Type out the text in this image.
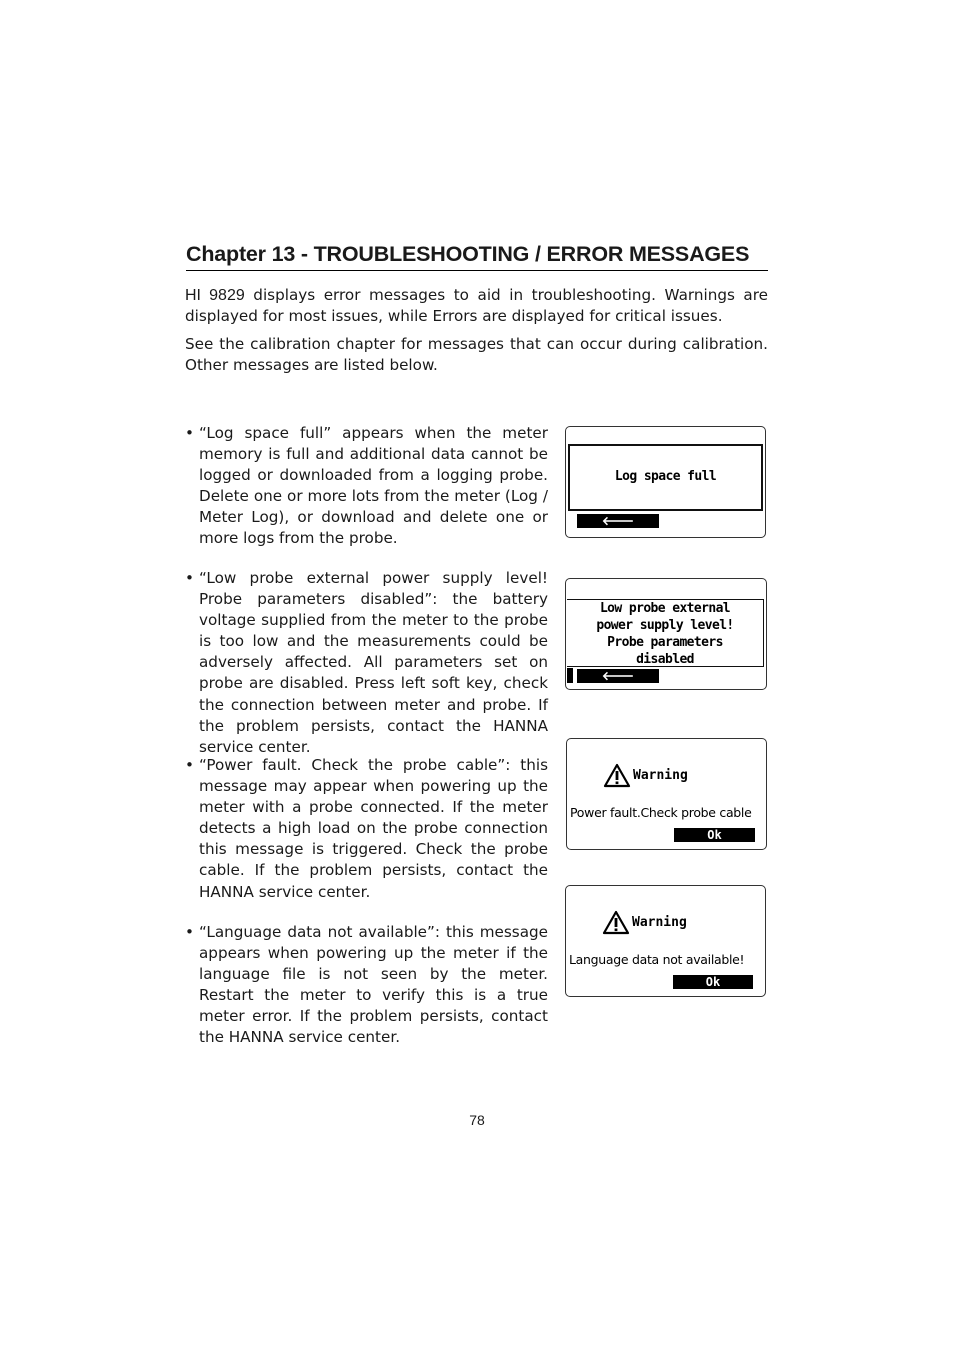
Chapter 13 - TROUBLESHOOTING / ERROR MESSAGES

HI 9829 displays error messages to aid in troubleshooting. Warnings are displayed for most issues, while Errors are displayed for critical issues.

See the calibration chapter for messages that can occur during calibration. Other messages are listed below.

• “Log space full” appears when the meter memory is full and additional data cannot be logged or downloaded from a logging probe. Delete one or more lots from the meter (Log / Meter Log), or download and delete one or more logs from the probe.
• “Low probe external power supply level! Probe parameters disabled”: the battery voltage supplied from the meter to the probe is too low and the measurements could be adversely affected. All parameters set on probe are disabled. Press left soft key, check the connection between meter and probe. If the problem persists, contact the HANNA service center.
• “Power fault. Check the probe cable”: this message may appear when powering up the meter with a probe connected. If the meter detects a high load on the probe connection this message is triggered. Check the probe cable. If the problem persists, contact the HANNA service center.
• “Language data not available”: this message appears when powering up the meter if the language file is not seen by the meter. Restart the meter to verify this is a true meter error. If the problem persists, contact the HANNA service center.
Log space full
🡐
Low probe external
power supply level!
Probe parameters
disabled
🡐
Warning
Power fault.Check probe cable
Ok
Warning
Language data not available!
Ok
78
